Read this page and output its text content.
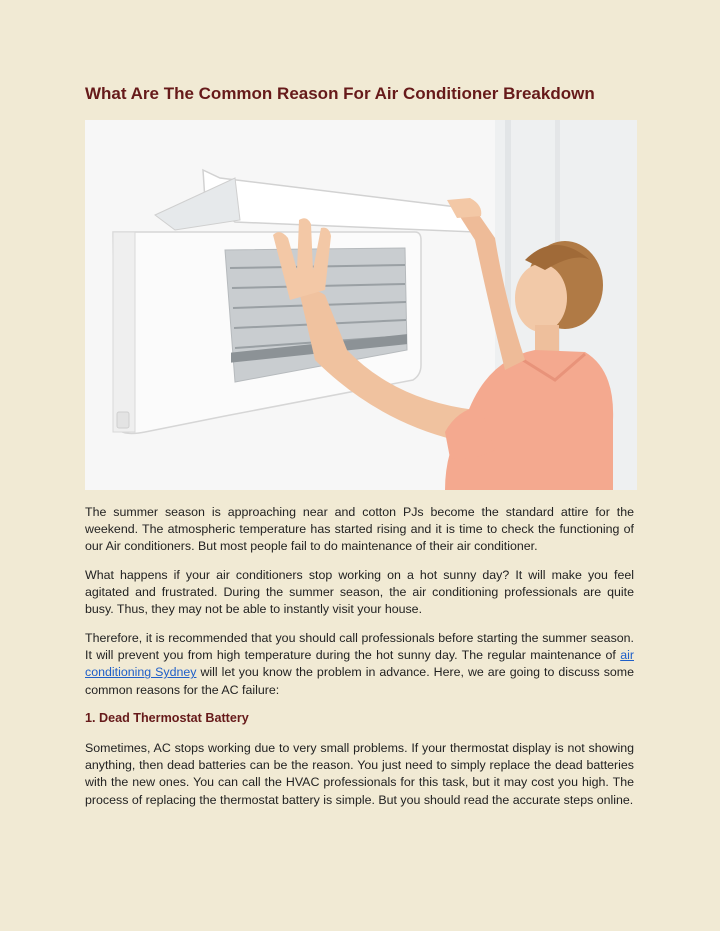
What Are The Common Reason For Air Conditioner Breakdown

The summer season is approaching near and cotton PJs become the standard attire for the weekend. The atmospheric temperature has started rising and it is time to check the functioning of our Air conditioners. But most people fail to do maintenance of their air conditioner.

What happens if your air conditioners stop working on a hot sunny day? It will make you feel agitated and frustrated. During the summer season, the air conditioning professionals are quite busy. Thus, they may not be able to instantly visit your house.

Therefore, it is recommended that you should call professionals before starting the summer season. It will prevent you from high temperature during the hot sunny day. The regular maintenance of air conditioning Sydney will let you know the problem in advance. Here, we are going to discuss some common reasons for the AC failure:

1. Dead Thermostat Battery

Sometimes, AC stops working due to very small problems. If your thermostat display is not showing anything, then dead batteries can be the reason. You just need to simply replace the dead batteries with the new ones. You can call the HVAC professionals for this task, but it may cost you high. The process of replacing the thermostat battery is simple. But you should read the accurate steps online.
